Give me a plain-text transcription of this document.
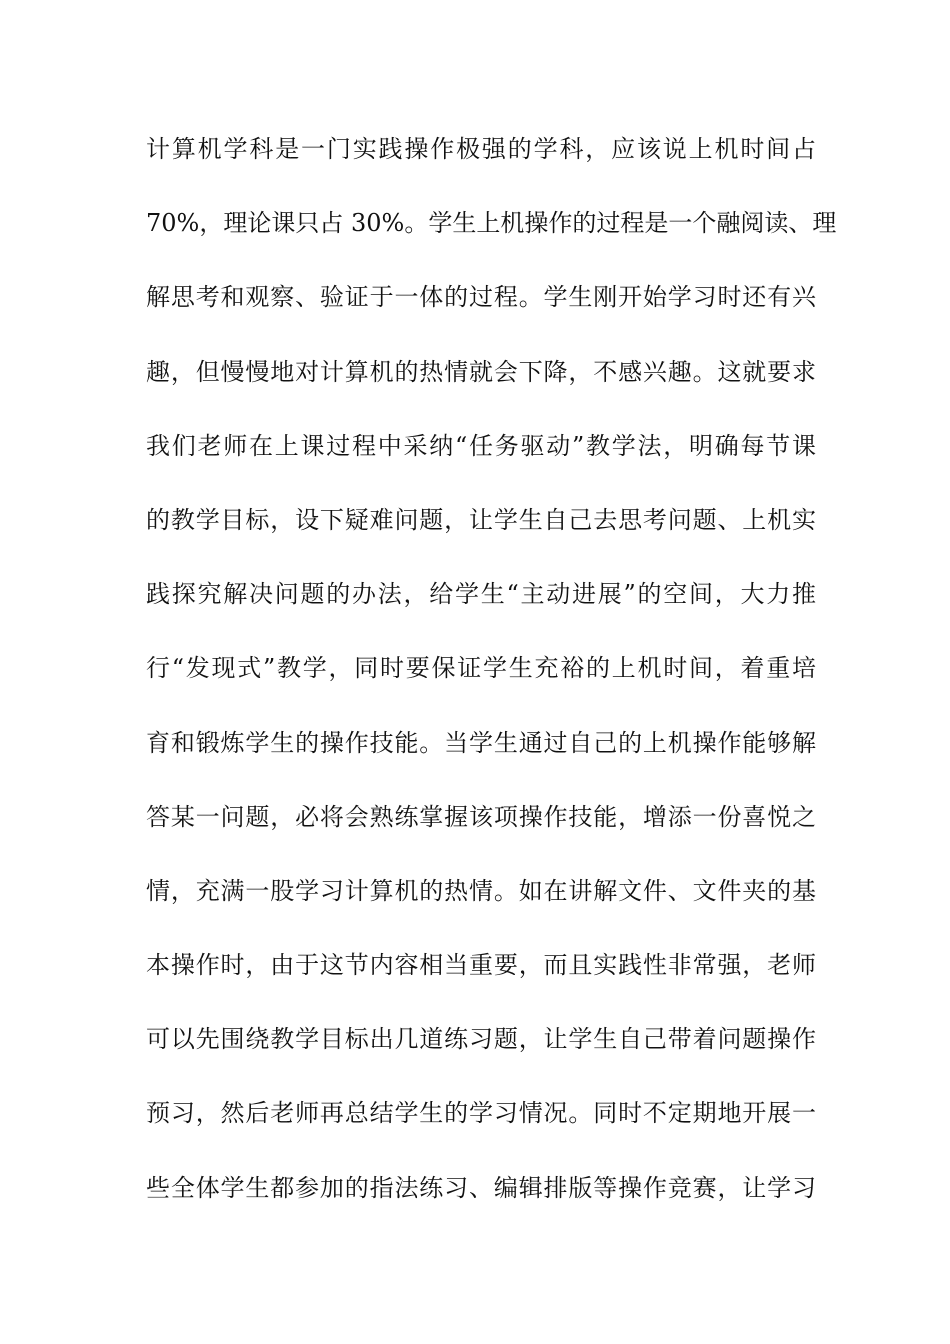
计算机学科是一门实践操作极强的学科，应该说上机时间占
70%，理论课只占 30%。学生上机操作的过程是一个融阅读、理
解思考和观察、验证于一体的过程。学生刚开始学习时还有兴
趣，但慢慢地对计算机的热情就会下降，不感兴趣。这就要求
我们老师在上课过程中采纳“任务驱动”教学法，明确每节课
的教学目标，设下疑难问题，让学生自己去思考问题、上机实
践探究解决问题的办法，给学生“主动进展”的空间，大力推
行“发现式”教学，同时要保证学生充裕的上机时间，着重培
育和锻炼学生的操作技能。当学生通过自己的上机操作能够解
答某一问题，必将会熟练掌握该项操作技能，增添一份喜悦之
情，充满一股学习计算机的热情。如在讲解文件、文件夹的基
本操作时，由于这节内容相当重要，而且实践性非常强，老师
可以先围绕教学目标出几道练习题，让学生自己带着问题操作
预习，然后老师再总结学生的学习情况。同时不定期地开展一
些全体学生都参加的指法练习、编辑排版等操作竞赛，让学习
